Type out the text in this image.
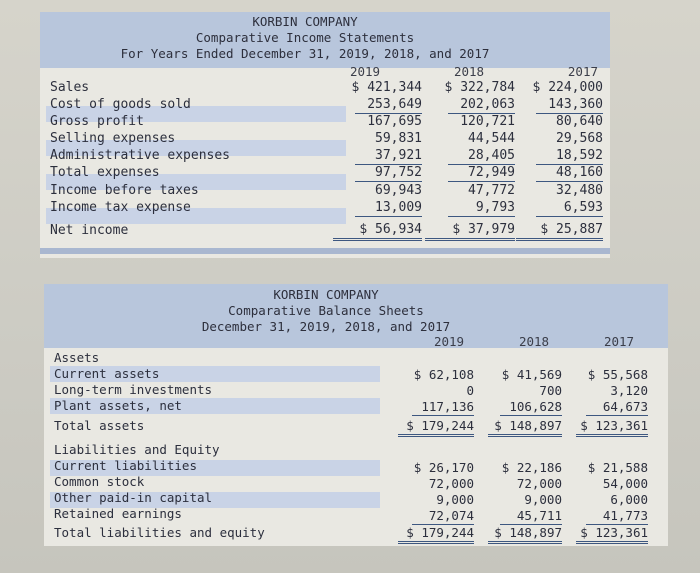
KORBIN COMPANY
Comparative Income Statements
For Years Ended December 31, 2019, 2018, and 2017
2019	2018	2017
Sales	$ 421,344	$ 322,784	$ 224,000
Cost of goods sold	253,649	202,063	143,360
Gross profit	167,695	120,721	80,640
Selling expenses	59,831	44,544	29,568
Administrative expenses	37,921	28,405	18,592
Total expenses	97,752	72,949	48,160
Income before taxes	69,943	47,772	32,480
Income tax expense	13,009	9,793	6,593
Net income	$ 56,934	$ 37,979	$ 25,887
KORBIN COMPANY
Comparative Balance Sheets
December 31, 2019, 2018, and 2017
2019	2018	2017
Assets
Current assets	$ 62,108	$ 41,569	$ 55,568
Long-term investments	0	700	3,120
Plant assets, net	117,136	106,628	64,673
Total assets	$ 179,244	$ 148,897	$ 123,361
Liabilities and Equity
Current liabilities	$ 26,170	$ 22,186	$ 21,588
Common stock	72,000	72,000	54,000
Other paid-in capital	9,000	9,000	6,000
Retained earnings	72,074	45,711	41,773
Total liabilities and equity	$ 179,244	$ 148,897	$ 123,361
